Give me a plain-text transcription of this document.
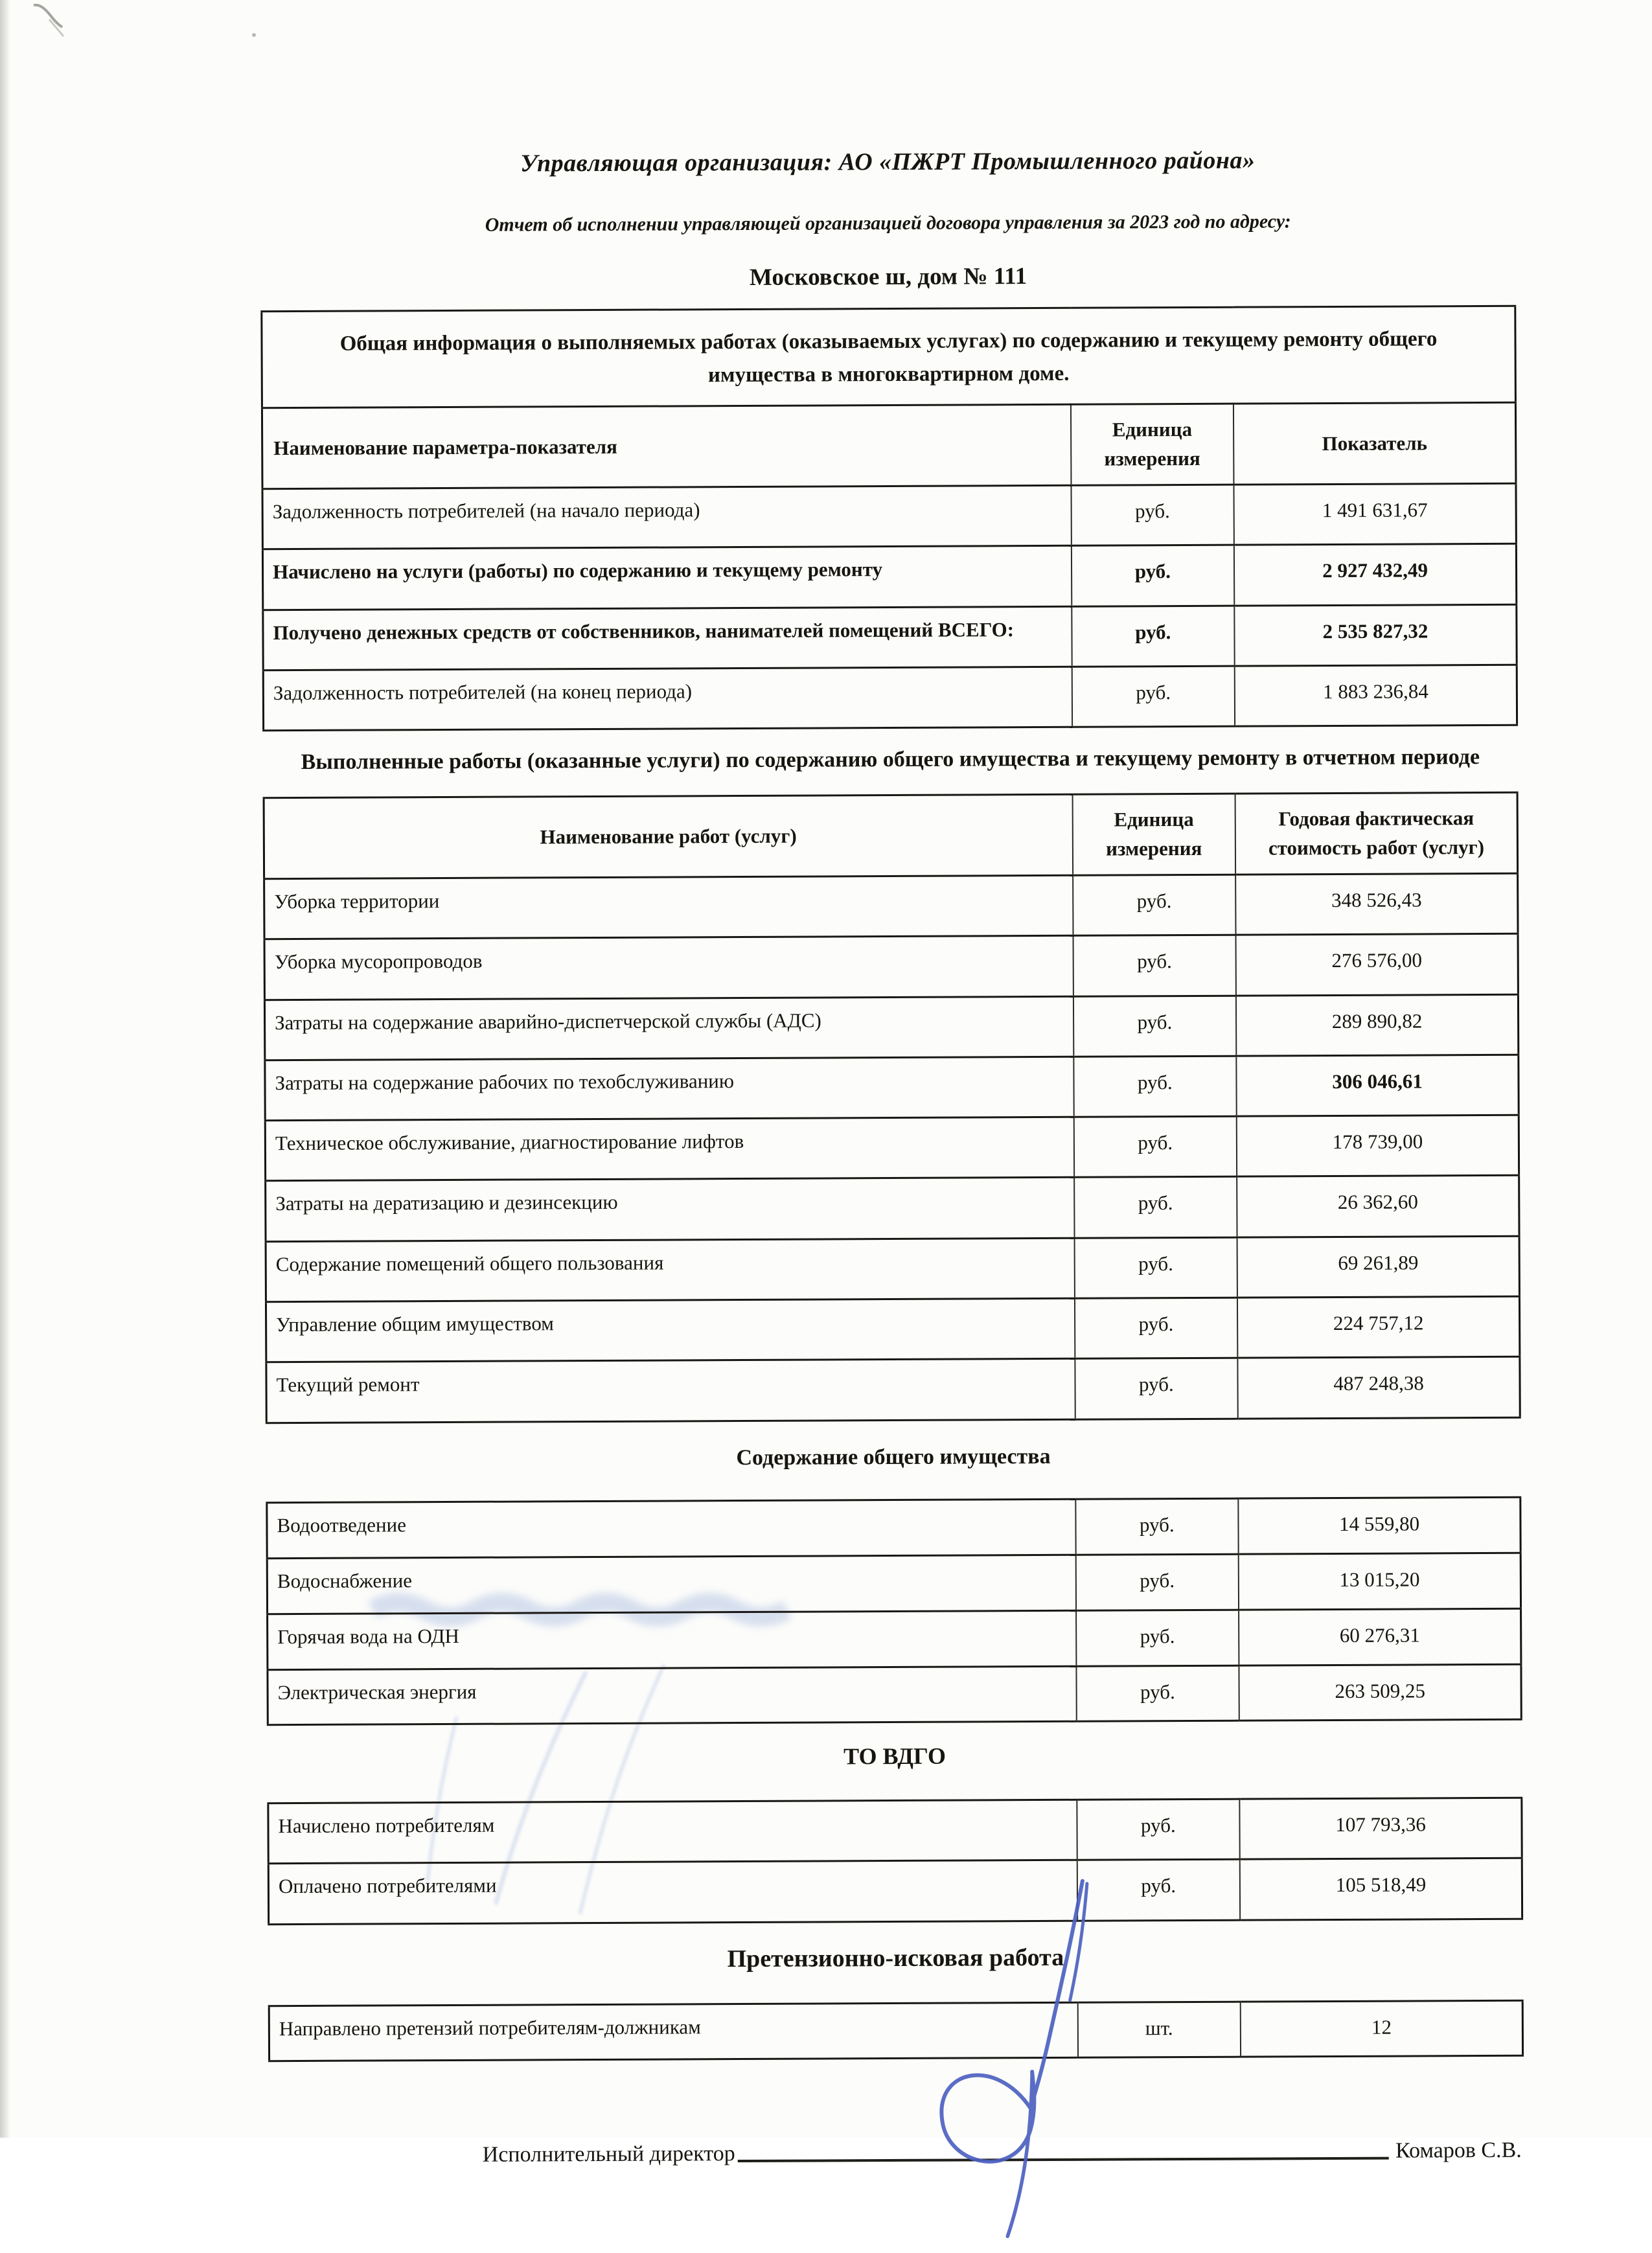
Управляющая организация: АО «ПЖРТ Промышленного района»
Отчет об исполнении управляющей организацией договора управления за 2023 год по адресу:
Московское ш, дом № 111
Общая информация о выполняемых работах (оказываемых услугах) по содержанию и текущему ремонту общего имущества в многоквартирном доме.		
Наименование параметра-показателя	Единица измерения	Показатель
Задолженность потребителей (на начало периода)	руб.	1 491 631,67
Начислено на услуги (работы) по содержанию и текущему ремонту	руб.	2 927 432,49
Получено денежных средств от собственников, нанимателей помещений ВСЕГО:	руб.	2 535 827,32
Задолженность потребителей (на конец периода)	руб.	1 883 236,84
Выполненные работы (оказанные услуги) по содержанию общего имущества и текущему ремонту в отчетном периоде
Наименование работ (услуг)	Единица измерения	Годовая фактическая стоимость работ (услуг)
Уборка территории	руб.	348 526,43
Уборка мусоропроводов	руб.	276 576,00
Затраты на содержание аварийно-диспетчерской службы (АДС)	руб.	289 890,82
Затраты на содержание рабочих по техобслуживанию	руб.	306 046,61
Техническое обслуживание, диагностирование лифтов	руб.	178 739,00
Затраты на дератизацию и дезинсекцию	руб.	26 362,60
Содержание помещений общего пользования	руб.	69 261,89
Управление общим имуществом	руб.	224 757,12
Текущий ремонт	руб.	487 248,38
Содержание общего имущества
Водоотведение	руб.	14 559,80
Водоснабжение	руб.	13 015,20
Горячая вода на ОДН	руб.	60 276,31
Электрическая энергия	руб.	263 509,25
ТО ВДГО
Начислено потребителям	руб.	107 793,36
Оплачено потребителями	руб.	105 518,49
Претензионно-исковая работа
Направлено претензий потребителям-должникам	шт.	12
Исполнительный директор	Комаров С.В.
